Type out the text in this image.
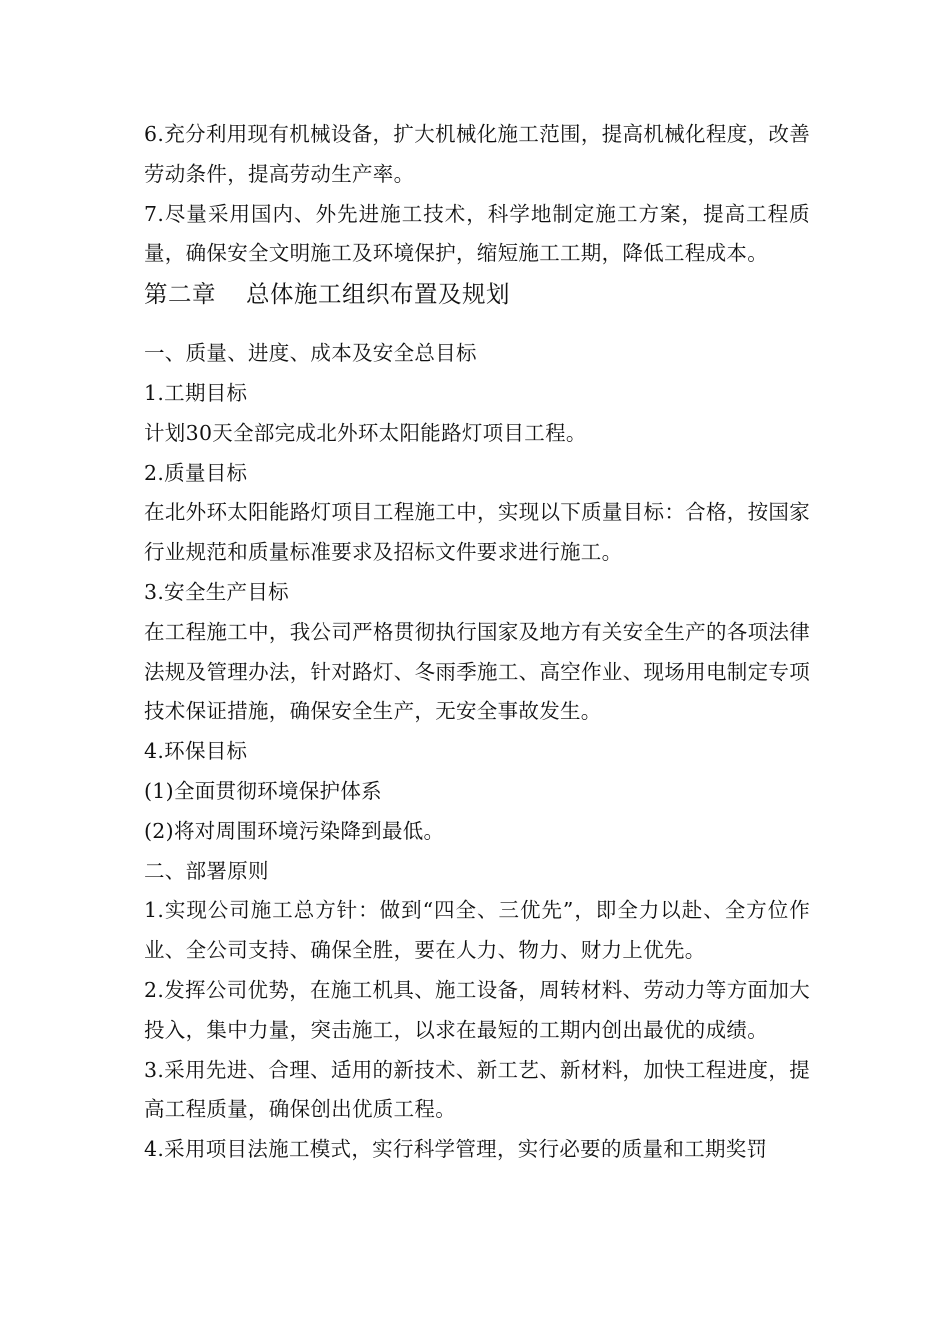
6.充分利用现有机械设备，扩大机械化施工范围，提高机械化程度，改善劳动条件，提高劳动生产率。

7.尽量采用国内、外先进施工技术，科学地制定施工方案，提高工程质量，确保安全文明施工及环境保护，缩短施工工期，降低工程成本。

第二章 总体施工组织布置及规划

一、质量、进度、成本及安全总目标

1.工期目标

计划30天全部完成北外环太阳能路灯项目工程。

2.质量目标

在北外环太阳能路灯项目工程施工中，实现以下质量目标：合格，按国家行业规范和质量标准要求及招标文件要求进行施工。

3.安全生产目标

在工程施工中，我公司严格贯彻执行国家及地方有关安全生产的各项法律法规及管理办法，针对路灯、冬雨季施工、高空作业、现场用电制定专项技术保证措施，确保安全生产，无安全事故发生。

4.环保目标

(1)全面贯彻环境保护体系

(2)将对周围环境污染降到最低。

二、部署原则

1.实现公司施工总方针：做到“四全、三优先”，即全力以赴、全方位作业、全公司支持、确保全胜，要在人力、物力、财力上优先。

2.发挥公司优势，在施工机具、施工设备，周转材料、劳动力等方面加大投入，集中力量，突击施工，以求在最短的工期内创出最优的成绩。

3.采用先进、合理、适用的新技术、新工艺、新材料，加快工程进度，提高工程质量，确保创出优质工程。

4.采用项目法施工模式，实行科学管理，实行必要的质量和工期奖罚
